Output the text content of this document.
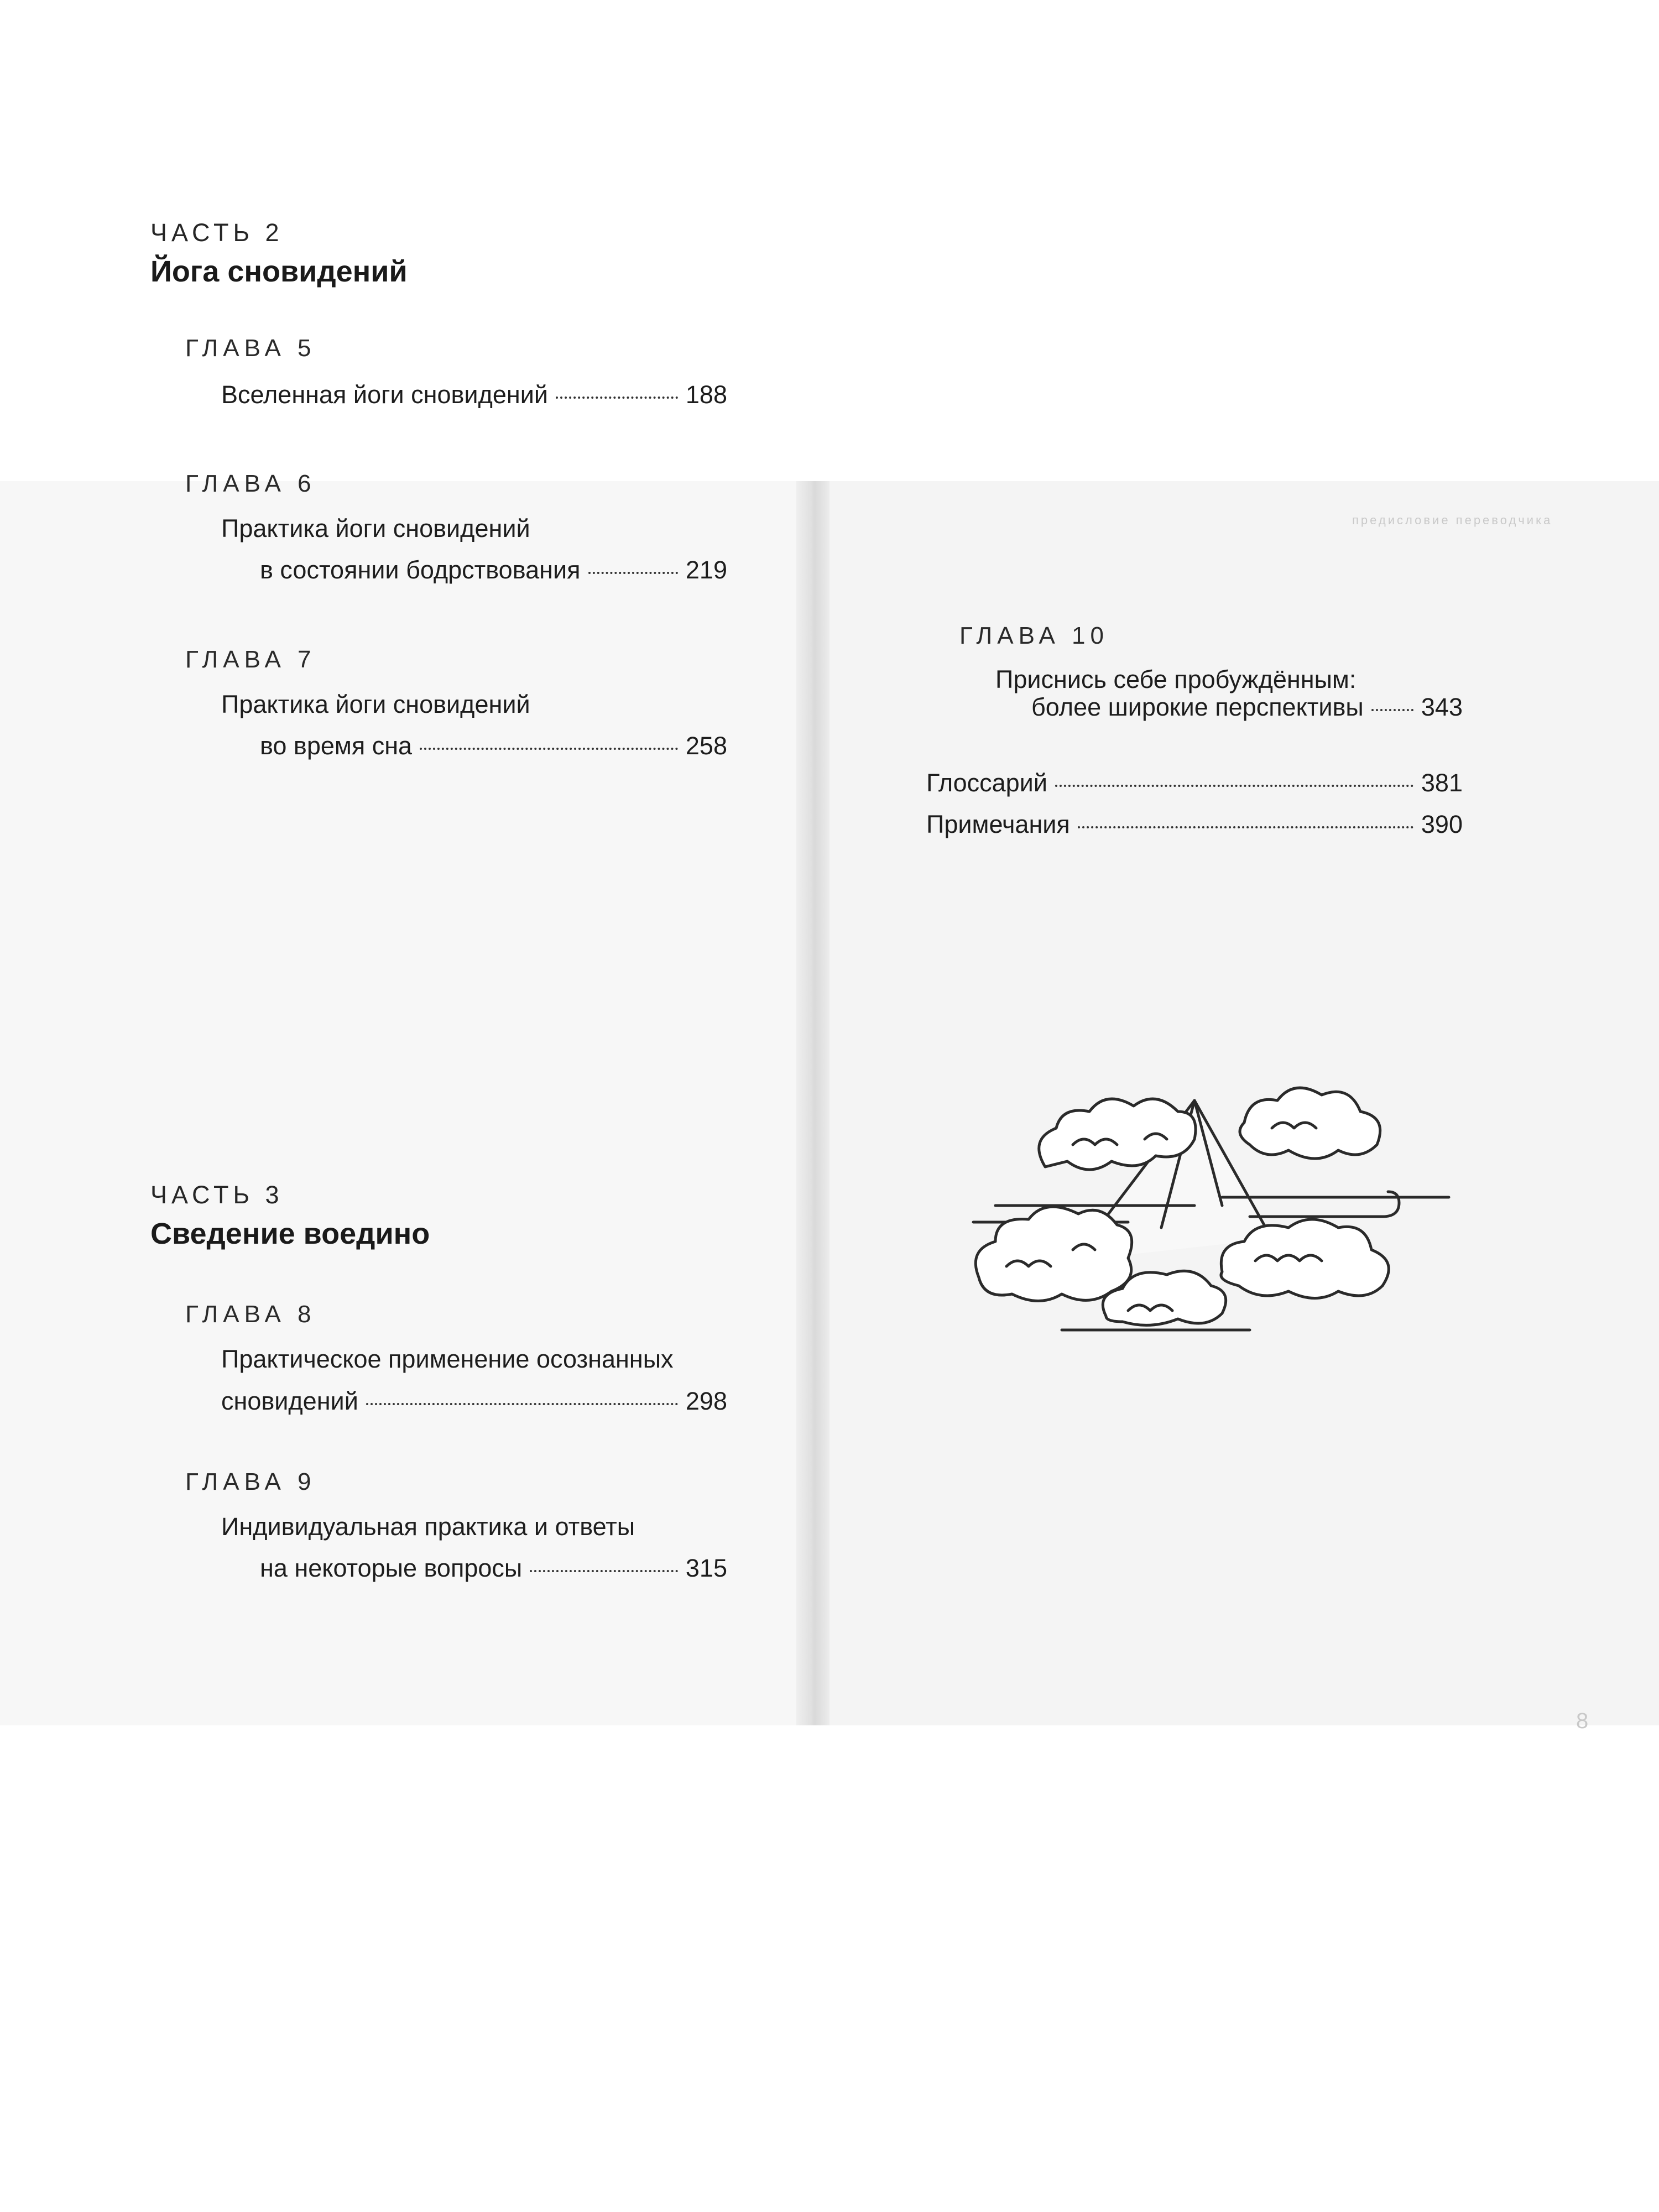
ЧАСТЬ 2

Йога сновидений

ГЛАВА 5

Вселенная йоги сновидений	188

ГЛАВА 6

Практика йоги сновидений

в состоянии бодрствования	219

ГЛАВА 7

Практика йоги сновидений

во время сна	258

ЧАСТЬ 3

Сведение воедино

ГЛАВА 8

Практическое применение осознанных

сновидений	298

ГЛАВА 9

Индивидуальная практика и ответы

на некоторые вопросы	315

предисловие переводчика

ГЛАВА 10

Приснись себе пробуждённым:

более широкие перспективы 343
Глоссарий	381
Примечания	390

8
